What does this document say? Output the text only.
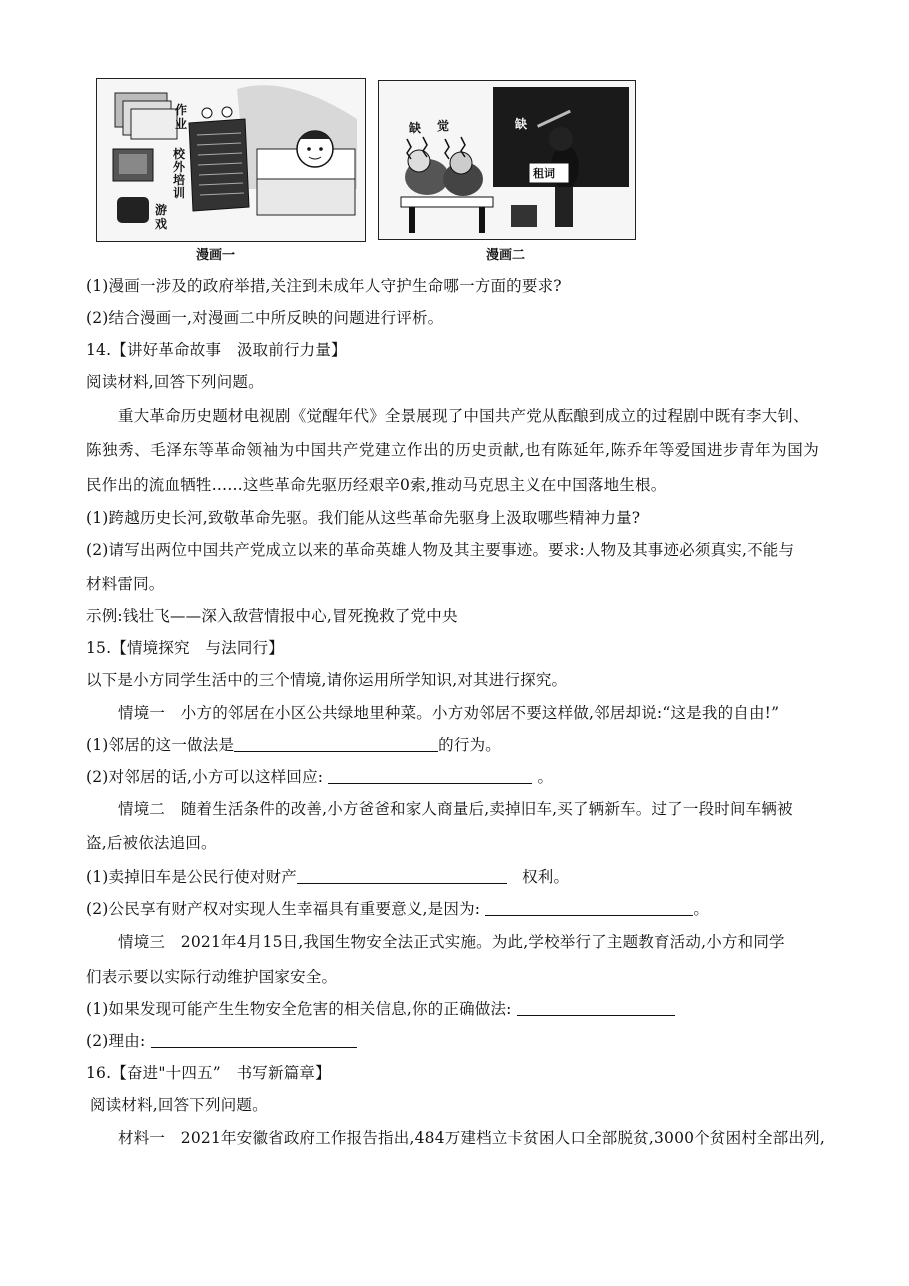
作
业
校
外
培
训
游
戏
漫画一
缺 觉	缺
租词
漫画二
(1)漫画一涉及的政府举措,关注到未成年人守护生命哪一方面的要求?
(2)结合漫画一,对漫画二中所反映的问题进行评析。
14.【讲好革命故事　汲取前行力量】
阅读材料,回答下列问题。
重大革命历史题材电视剧《觉醒年代》全景展现了中国共产党从酝酿到成立的过程剧中既有李大钊、
陈独秀、毛泽东等革命领袖为中国共产党建立作出的历史贡献,也有陈延年,陈乔年等爱国进步青年为国为
民作出的流血牺牲……这些革命先驱历经艰辛0索,推动马克思主义在中国落地生根。
(1)跨越历史长河,致敬革命先驱。我们能从这些革命先驱身上汲取哪些精神力量?
(2)请写出两位中国共产党成立以来的革命英雄人物及其主要事迹。要求:人物及其事迹必须真实,不能与
材料雷同。
示例:钱壮飞——深入敌营情报中心,冒死挽救了党中央
15.【情境探究　与法同行】
以下是小方同学生活中的三个情境,请你运用所学知识,对其进行探究。
情境一　小方的邻居在小区公共绿地里种菜。小方劝邻居不要这样做,邻居却说:“这是我的自由!”
(1)邻居的这一做法是	的行为。
(2)对邻居的话,小方可以这样回应:	。
情境二　随着生活条件的改善,小方爸爸和家人商量后,卖掉旧车,买了辆新车。过了一段时间车辆被
盗,后被依法追回。
(1)卖掉旧车是公民行使对财产	权利。
(2)公民享有财产权对实现人生幸福具有重要意义,是因为:	。
情境三　2021年4月15日,我国生物安全法正式实施。为此,学校举行了主题教育活动,小方和同学
们表示要以实际行动维护国家安全。
(1)如果发现可能产生生物安全危害的相关信息,你的正确做法:
(2)理由:
16.【奋进"十四五”　书写新篇章】
阅读材料,回答下列问题。
材料一　2021年安徽省政府工作报告指出,484万建档立卡贫困人口全部脱贫,3000个贫困村全部出列,
